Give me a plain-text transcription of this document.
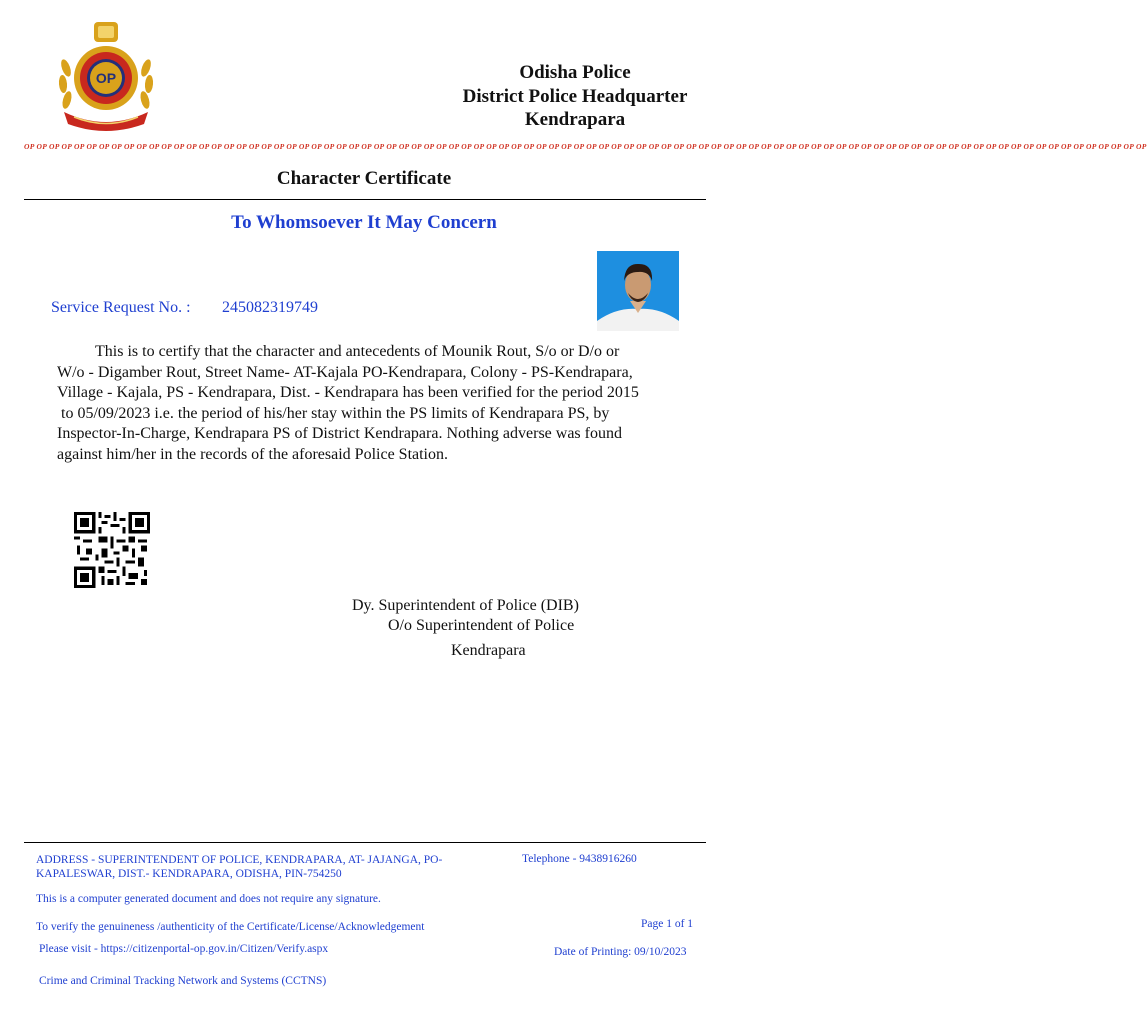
OP	Odisha Police
District Police Headquarter
Kendrapara
OP OP OP OP OP OP OP OP OP OP OP OP OP OP OP OP OP OP OP OP OP OP OP OP OP OP OP OP OP OP OP OP OP OP OP OP OP OP OP OP OP OP OP OP OP OP OP OP OP OP OP OP OP OP OP OP OP OP OP OP OP OP OP OP OP OP OP OP OP OP OP OP OP OP OP OP OP OP OP OP OP OP OP OP OP OP OP OP OP OP
Character Certificate
To Whomsoever It May Concern
Service Request No. : 245082319749
This is to certify that the character and antecedents of Mounik Rout, S/o or D/o or
W/o - Digamber Rout, Street Name- AT-Kajala PO-Kendrapara, Colony - PS-Kendrapara,
Village - Kajala, PS - Kendrapara, Dist. - Kendrapara has been verified for the period 2015
to 05/09/2023 i.e. the period of his/her stay within the PS limits of Kendrapara PS, by
Inspector-In-Charge, Kendrapara PS of District Kendrapara. Nothing adverse was found
against him/her in the records of the aforesaid Police Station.
Dy. Superintendent of Police (DIB)
O/o Superintendent of Police
Kendrapara
ADDRESS - SUPERINTENDENT OF POLICE, KENDRAPARA, AT- JAJANGA, PO-
KAPALESWAR, DIST.- KENDRAPARA, ODISHA, PIN-754250
Telephone - 9438916260
This is a computer generated document and does not require any signature.
To verify the genuineness /authenticity of the Certificate/License/Acknowledgement	Page 1 of 1
Please visit - https://citizenportal-op.gov.in/Citizen/Verify.aspx	Date of Printing: 09/10/2023
Crime and Criminal Tracking Network and Systems (CCTNS)
